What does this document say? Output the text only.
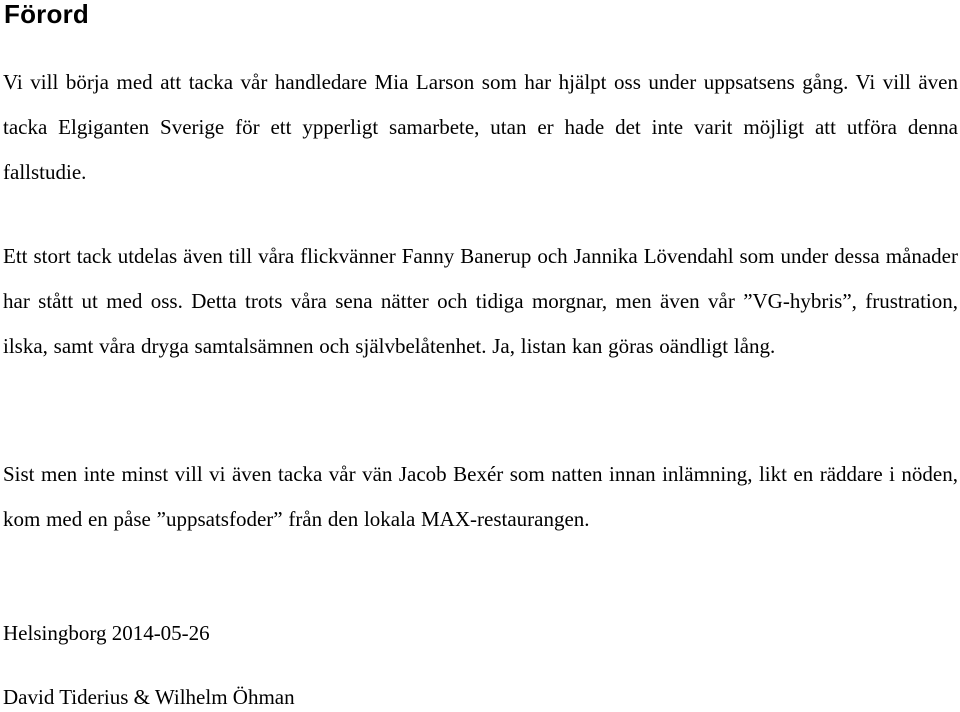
Förord

Vi vill börja med att tacka vår handledare Mia Larson som har hjälpt oss under uppsatsens gång. Vi vill även tacka Elgiganten Sverige för ett ypperligt samarbete, utan er hade det inte varit möjligt att utföra denna fallstudie.

Ett stort tack utdelas även till våra flickvänner Fanny Banerup och Jannika Lövendahl som under dessa månader har stått ut med oss. Detta trots våra sena nätter och tidiga morgnar, men även vår ”VG-hybris”, frustration, ilska, samt våra dryga samtalsämnen och självbelåtenhet. Ja, listan kan göras oändligt lång.

Sist men inte minst vill vi även tacka vår vän Jacob Bexér som natten innan inlämning, likt en räddare i nöden, kom med en påse ”uppsatsfoder” från den lokala MAX-restaurangen.

Helsingborg 2014-05-26

David Tiderius & Wilhelm Öhman
